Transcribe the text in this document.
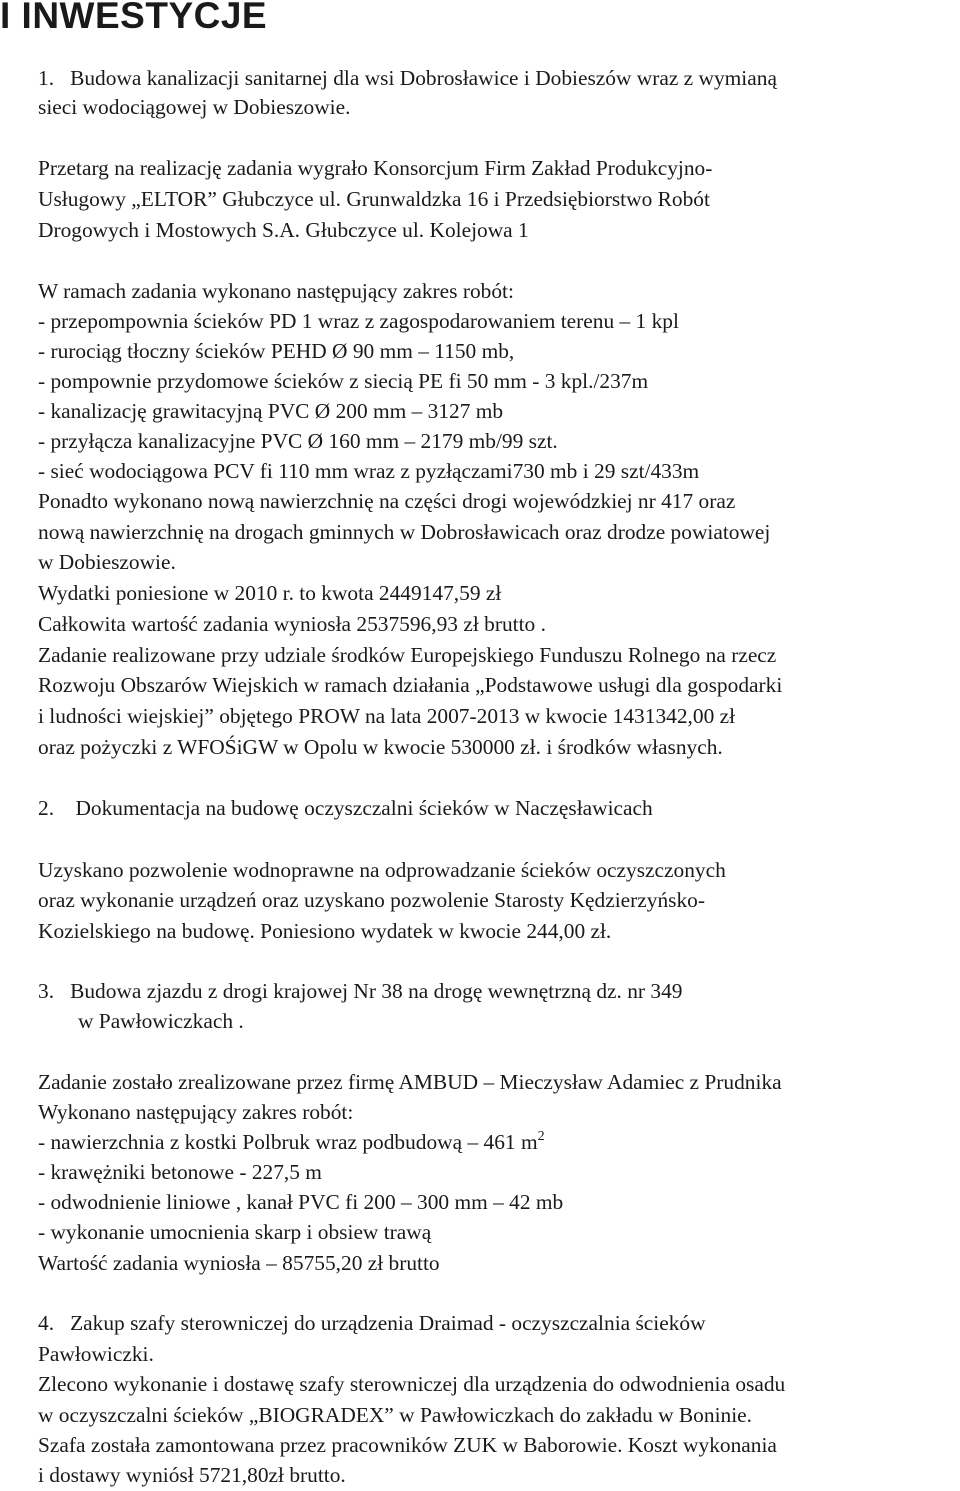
I INWESTYCJE
1. Budowa kanalizacji sanitarnej dla wsi Dobrosławice i Dobieszów wraz z wymianą
sieci wodociągowej w Dobieszowie.
Przetarg na realizację zadania wygrało Konsorcjum Firm Zakład Produkcyjno-
Usługowy „ELTOR” Głubczyce ul. Grunwaldzka 16 i Przedsiębiorstwo Robót
Drogowych i Mostowych S.A. Głubczyce ul. Kolejowa 1
W ramach zadania wykonano następujący zakres robót:
- przepompownia ścieków PD 1 wraz z zagospodarowaniem terenu – 1 kpl
- rurociąg tłoczny ścieków PEHD Ø 90 mm – 1150 mb,
- pompownie przydomowe ścieków z siecią PE fi 50 mm - 3 kpl./237m
- kanalizację grawitacyjną PVC Ø 200 mm – 3127 mb
- przyłącza kanalizacyjne PVC Ø 160 mm – 2179 mb/99 szt.
- sieć wodociągowa PCV fi 110 mm wraz z pyzłączami730 mb i 29 szt/433m
Ponadto wykonano nową nawierzchnię na części drogi wojewódzkiej nr 417 oraz
nową nawierzchnię na drogach gminnych w Dobrosławicach oraz drodze powiatowej
w Dobieszowie.
Wydatki poniesione w 2010 r. to kwota 2449147,59 zł
Całkowita wartość zadania wyniosła 2537596,93 zł brutto .
Zadanie realizowane przy udziale środków Europejskiego Funduszu Rolnego na rzecz
Rozwoju Obszarów Wiejskich w ramach działania „Podstawowe usługi dla gospodarki
i ludności wiejskiej” objętego PROW na lata 2007-2013 w kwocie 1431342,00 zł
oraz pożyczki z WFOŚiGW w Opolu w kwocie 530000 zł. i środków własnych.
2. Dokumentacja na budowę oczyszczalni ścieków w Naczęsławicach
Uzyskano pozwolenie wodnoprawne na odprowadzanie ścieków oczyszczonych
oraz wykonanie urządzeń oraz uzyskano pozwolenie Starosty Kędzierzyńsko-
Kozielskiego na budowę. Poniesiono wydatek w kwocie 244,00 zł.
3. Budowa zjazdu z drogi krajowej Nr 38 na drogę wewnętrzną dz. nr 349
w Pawłowiczkach .
Zadanie zostało zrealizowane przez firmę AMBUD – Mieczysław Adamiec z Prudnika
Wykonano następujący zakres robót:
- nawierzchnia z kostki Polbruk wraz podbudową – 461 $m^2$
- krawężniki betonowe - 227,5 m
- odwodnienie liniowe , kanał PVC fi 200 – 300 mm – 42 mb
- wykonanie umocnienia skarp i obsiew trawą
Wartość zadania wyniosła – 85755,20 zł brutto
4. Zakup szafy sterowniczej do urządzenia Draimad - oczyszczalnia ścieków
Pawłowiczki.
Zlecono wykonanie i dostawę szafy sterowniczej dla urządzenia do odwodnienia osadu
w oczyszczalni ścieków „BIOGRADEX” w Pawłowiczkach do zakładu w Boninie.
Szafa została zamontowana przez pracowników ZUK w Baborowie. Koszt wykonania
i dostawy wyniósł 5721,80zł brutto.
